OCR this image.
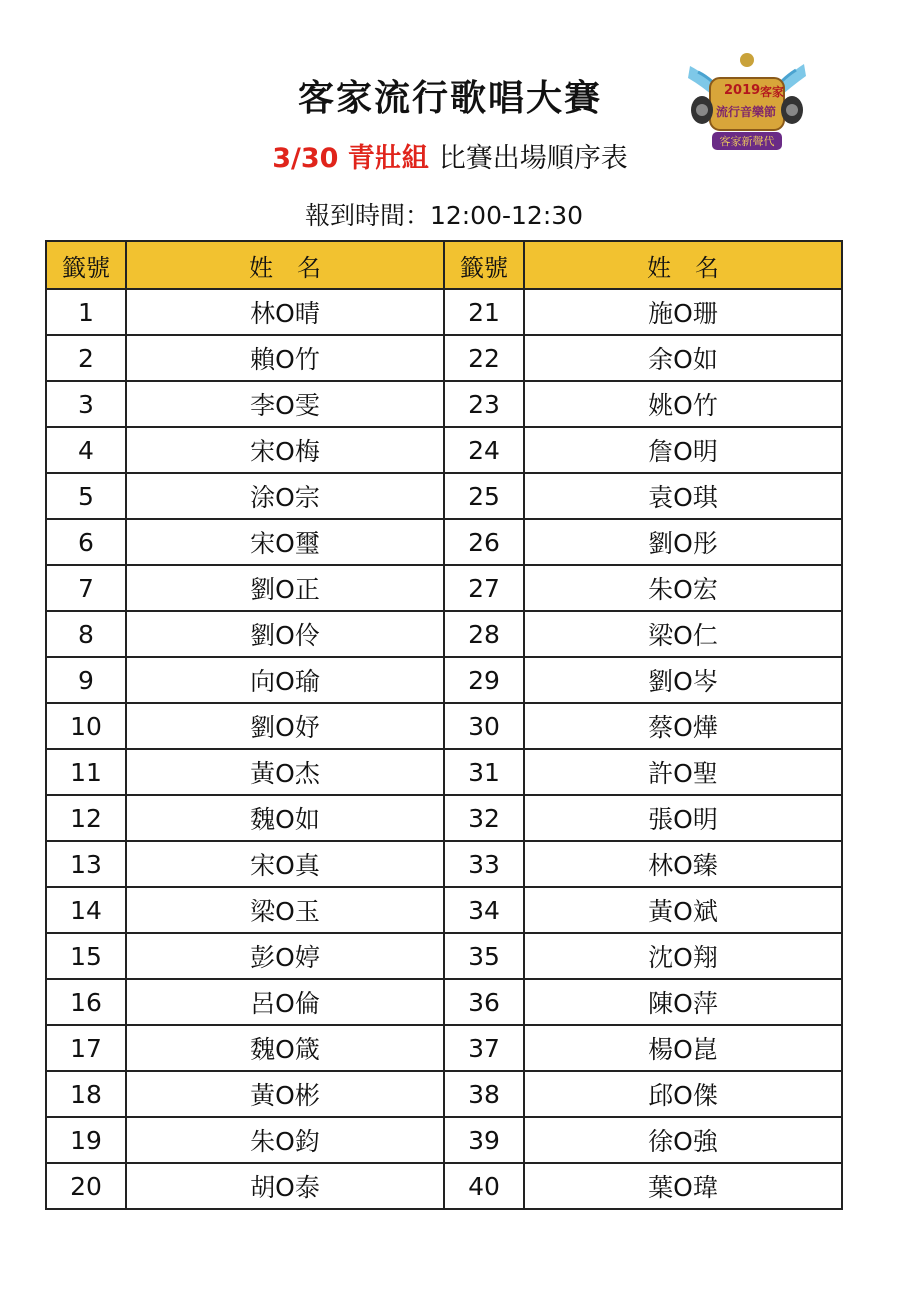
客家流行歌唱大賽
3/30 青壯組 比賽出場順序表
報到時間：12:00-12:30
2019 客家
流行音樂節
客家新聲代
籤號	姓　名	籤號	姓　名
1	林O晴	21	施O珊
2	賴O竹	22	余O如
3	李O雯	23	姚O竹
4	宋O梅	24	詹O明
5	涂O宗	25	袁O琪
6	宋O璽	26	劉O彤
7	劉O正	27	朱O宏
8	劉O伶	28	梁O仁
9	向O瑜	29	劉O岑
10	劉O妤	30	蔡O燁
11	黃O杰	31	許O聖
12	魏O如	32	張O明
13	宋O真	33	林O臻
14	梁O玉	34	黃O斌
15	彭O婷	35	沈O翔
16	呂O倫	36	陳O萍
17	魏O箴	37	楊O崑
18	黃O彬	38	邱O傑
19	朱O鈞	39	徐O強
20	胡O泰	40	葉O瑋
